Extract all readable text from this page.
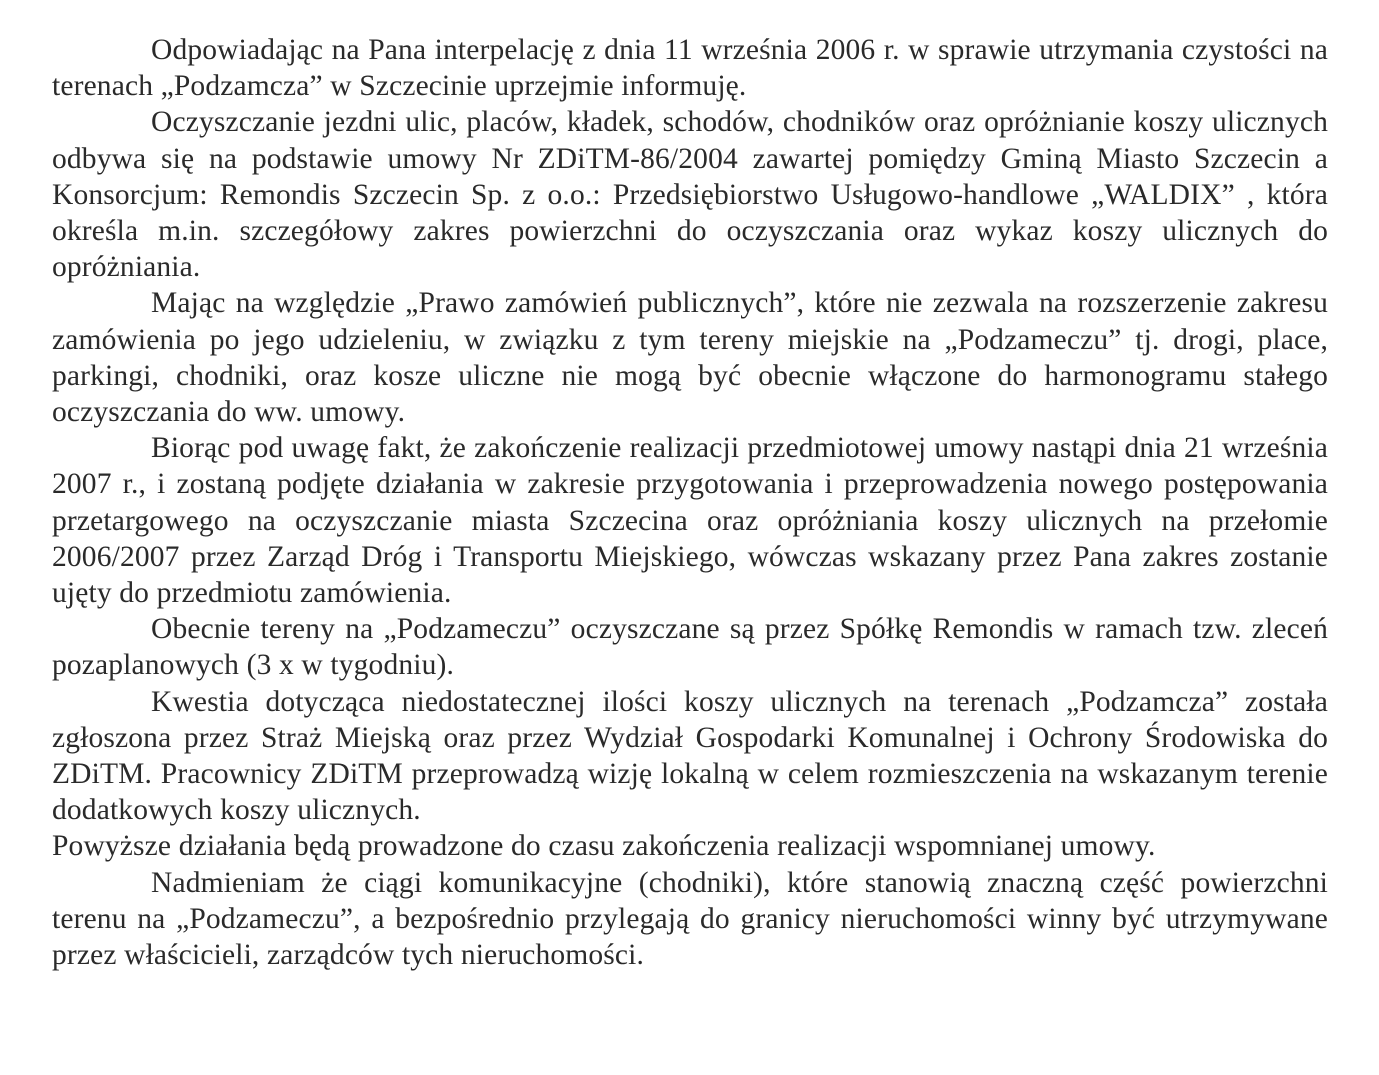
Odpowiadając na Pana interpelację z dnia 11 września 2006 r. w sprawie utrzymania czystości na terenach „Podzamcza” w Szczecinie uprzejmie informuję.

Oczyszczanie jezdni ulic, placów, kładek, schodów, chodników oraz opróżnianie koszy ulicznych odbywa się na podstawie umowy Nr ZDiTM-86/2004 zawartej pomiędzy Gminą Miasto Szczecin a Konsorcjum: Remondis Szczecin Sp. z o.o.: Przedsiębiorstwo Usługowo-handlowe „WALDIX” , która określa m.in. szczegółowy zakres powierzchni do oczyszczania oraz wykaz koszy ulicznych do opróżniania.

Mając na względzie „Prawo zamówień publicznych”, które nie zezwala na rozszerzenie zakresu zamówienia po jego udzieleniu, w związku z tym tereny miejskie na „Podzameczu” tj. drogi, place, parkingi, chodniki, oraz kosze uliczne nie mogą być obecnie włączone do harmonogramu stałego oczyszczania do ww. umowy.

Biorąc pod uwagę fakt, że zakończenie realizacji przedmiotowej umowy nastąpi dnia 21 września 2007 r., i zostaną podjęte działania w zakresie przygotowania i przeprowadzenia nowego postępowania przetargowego na oczyszczanie miasta Szczecina oraz opróżniania koszy ulicznych na przełomie 2006/2007 przez Zarząd Dróg i Transportu Miejskiego, wówczas wskazany przez Pana zakres zostanie ujęty do przedmiotu zamówienia.

Obecnie tereny na „Podzameczu” oczyszczane są przez Spółkę Remondis w ramach tzw. zleceń pozaplanowych (3 x w tygodniu).

Kwestia dotycząca niedostatecznej ilości koszy ulicznych na terenach „Podzamcza” została zgłoszona przez Straż Miejską oraz przez Wydział Gospodarki Komunalnej i Ochrony Środowiska do ZDiTM. Pracownicy ZDiTM przeprowadzą wizję lokalną w celem rozmieszczenia na wskazanym terenie dodatkowych koszy ulicznych.

Powyższe działania będą prowadzone do czasu zakończenia realizacji wspomnianej umowy.

Nadmieniam że ciągi komunikacyjne (chodniki), które stanowią znaczną część powierzchni terenu na „Podzameczu”, a bezpośrednio przylegają do granicy nieruchomości winny być utrzymywane przez właścicieli, zarządców tych nieruchomości.
